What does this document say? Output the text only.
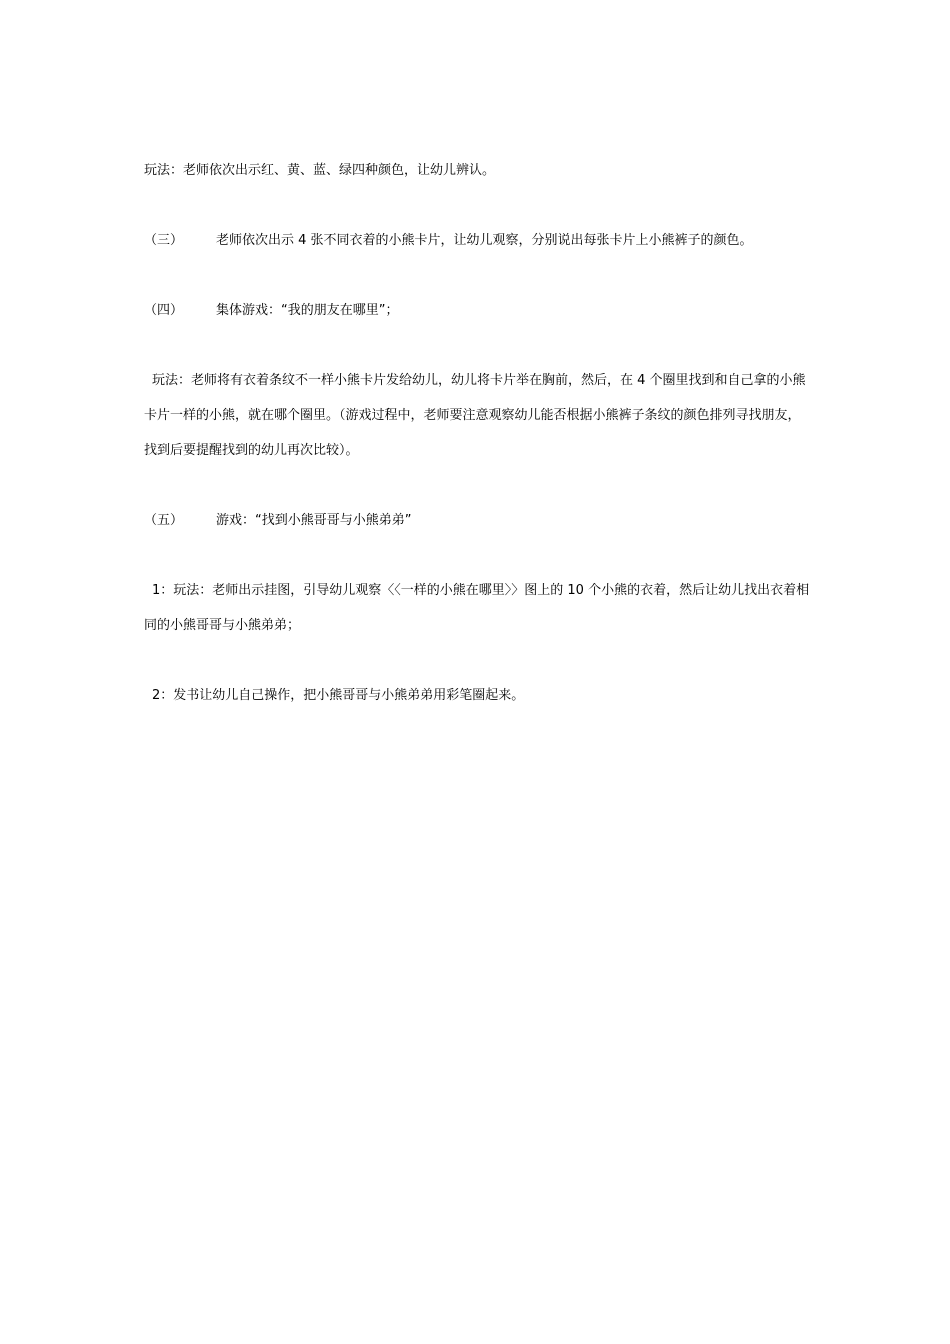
玩法：老师依次出示红、黄、蓝、绿四种颜色，让幼儿辨认。
（三）	老师依次出示 4 张不同衣着的小熊卡片，让幼儿观察，分别说出每张卡片上小熊裤子的颜色。
（四）	集体游戏：“我的朋友在哪里”；
玩法：老师将有衣着条纹不一样小熊卡片发给幼儿，幼儿将卡片举在胸前，然后，在 4 个圈里找到和自己拿的小熊卡片一样的小熊，就在哪个圈里。（游戏过程中，老师要注意观察幼儿能否根据小熊裤子条纹的颜色排列寻找朋友，找到后要提醒找到的幼儿再次比较）。
（五）	游戏：“找到小熊哥哥与小熊弟弟”
1：玩法：老师出示挂图，引导幼儿观察〈〈一样的小熊在哪里〉〉图上的 10 个小熊的衣着，然后让幼儿找出衣着相同的小熊哥哥与小熊弟弟；
2：发书让幼儿自己操作，把小熊哥哥与小熊弟弟用彩笔圈起来。
